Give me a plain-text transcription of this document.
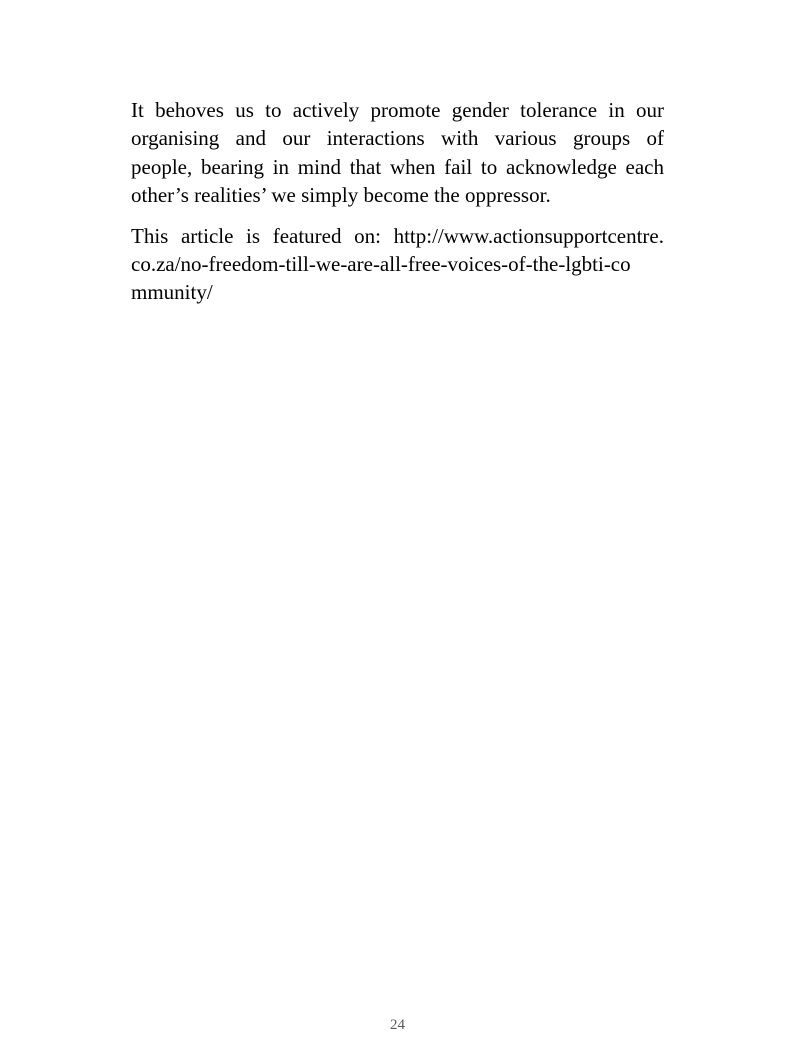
It behoves us to actively promote gender tolerance in our
organising and our interactions with various groups of
people, bearing in mind that when fail to acknowledge each
other’s realities’ we simply become the oppressor.

This article is featured on: http://www.actionsupportcentre.
co.za/no-freedom-till-we-are-all-free-voices-of-the-lgbti-co
mmunity/

24
